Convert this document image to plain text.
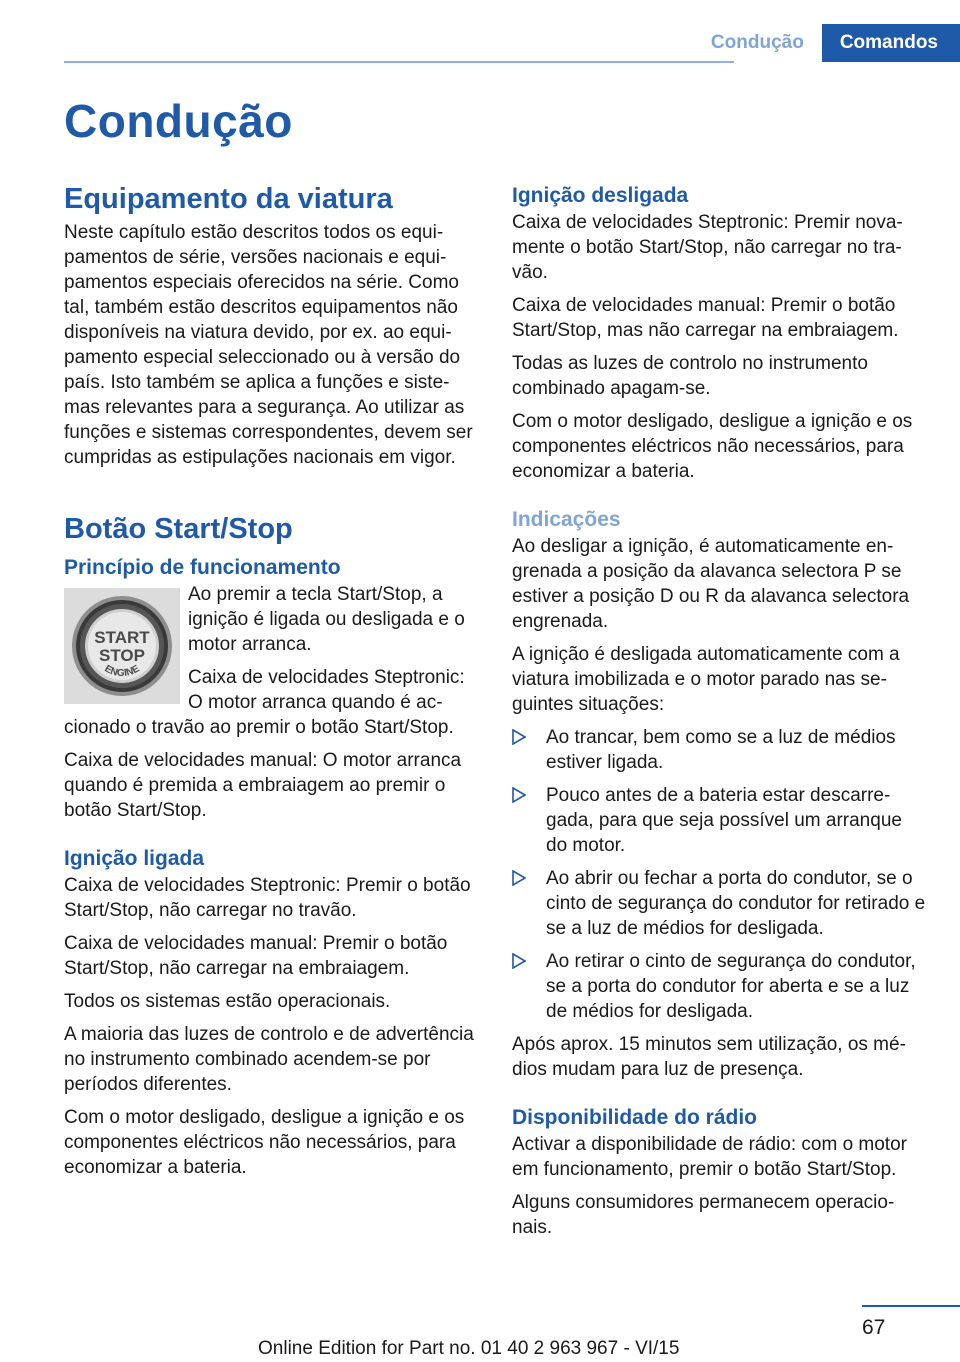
Condução	Comandos
Condução
Equipamento da viatura

Neste capítulo estão descritos todos os equipamentos de série, versões nacionais e equipamentos especiais oferecidos na série. Como tal, também estão descritos equipamentos não disponíveis na viatura devido, por ex. ao equipamento especial seleccionado ou à versão do país. Isto também se aplica a funções e sistemas relevantes para a segurança. Ao utilizar as funções e sistemas correspondentes, devem ser cumpridas as estipulações nacionais em vigor.

Botão Start/Stop
Princípio de funcionamento
START
STOP
ENGINE

Ao premir a tecla Start/Stop, a ignição é ligada ou desligada e o motor arranca.

Caixa de velocidades Steptronic: O motor arranca quando é accionado o travão ao premir o botão Start/Stop.

Caixa de velocidades manual: O motor arranca quando é premida a embraiagem ao premir o botão Start/Stop.

Ignição ligada

Caixa de velocidades Steptronic: Premir o botão Start/Stop, não carregar no travão.

Caixa de velocidades manual: Premir o botão Start/Stop, não carregar na embraiagem.

Todos os sistemas estão operacionais.

A maioria das luzes de controlo e de advertência no instrumento combinado acendem-se por períodos diferentes.

Com o motor desligado, desligue a ignição e os componentes eléctricos não necessários, para economizar a bateria.

Ignição desligada

Caixa de velocidades Steptronic: Premir novamente o botão Start/Stop, não carregar no travão.

Caixa de velocidades manual: Premir o botão Start/Stop, mas não carregar na embraiagem.

Todas as luzes de controlo no instrumento combinado apagam-se.

Com o motor desligado, desligue a ignição e os componentes eléctricos não necessários, para economizar a bateria.

Indicações

Ao desligar a ignição, é automaticamente engrenada a posição da alavanca selectora P se estiver a posição D ou R da alavanca selectora engrenada.

A ignição é desligada automaticamente com a viatura imobilizada e o motor parado nas seguintes situações:

Ao trancar, bem como se a luz de médios estiver ligada.
Pouco antes de a bateria estar descarregada, para que seja possível um arranque do motor.
Ao abrir ou fechar a porta do condutor, se o cinto de segurança do condutor for retirado e se a luz de médios for desligada.
Ao retirar o cinto de segurança do condutor, se a porta do condutor for aberta e se a luz de médios for desligada.

Após aprox. 15 minutos sem utilização, os médios mudam para luz de presença.

Disponibilidade do rádio

Activar a disponibilidade de rádio: com o motor em funcionamento, premir o botão Start/Stop.

Alguns consumidores permanecem operacionais.

67
Online Edition for Part no. 01 40 2 963 967 - VI/15
